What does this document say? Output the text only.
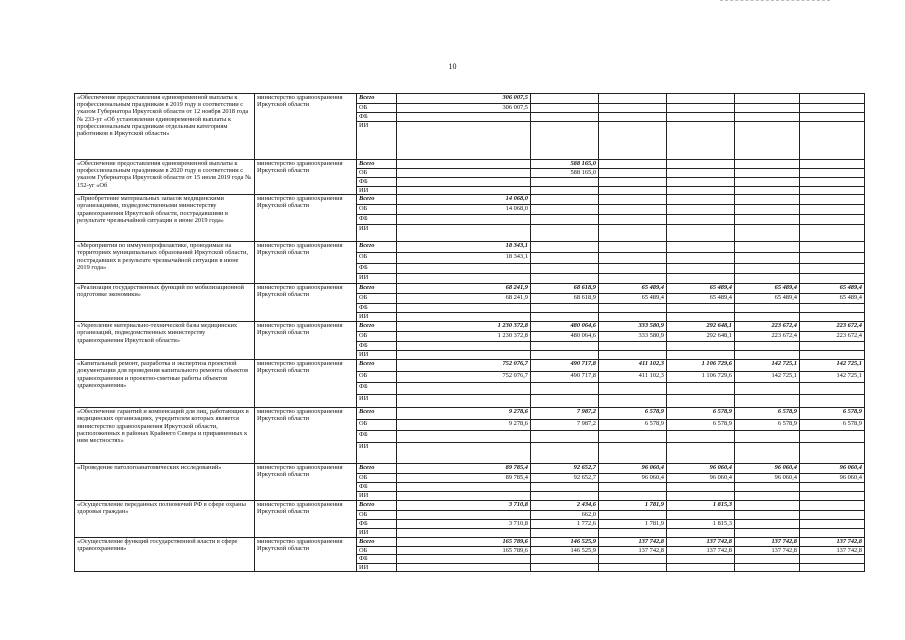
10
«Обеспечение предоставления единовременной выплаты к профессиональным праздникам в 2019 году в соответствии с указом Губернатора Иркутской области от 12 ноября 2018 года № 233-уг «Об установлении единовременной выплаты к профессиональным праздникам отдельным категориям работников в Иркутской области»	министерство здравоохранения Иркутской области	Всего	306 007,5					
		ОБ	306 007,5					
		ФБ						
		ИИ						
«Обеспечение предоставления единовременной выплаты к профессиональным праздникам в 2020 году в соответствии с указом Губернатора Иркутской области от 15 июля 2019 года № 152-уг «Об	министерство здравоохранения Иркутской области	Всего		588 165,0				
		ОБ		588 165,0				
		ФБ						
		ИИ						
«Приобретение материальных запасов медицинскими организациями, подведомственными министерству здравоохранения Иркутской области, пострадавшими в результате чрезвычайной ситуации в июне 2019 года»	министерство здравоохранения Иркутской области	Всего	14 068,0					
		ОБ	14 068,0					
		ФБ						
		ИИ						
«Мероприятия по иммунопрофилактике, проводимые на территориях муниципальных образований Иркутской области, пострадавших в результате чрезвычайной ситуации в июне 2019 года»	министерство здравоохранения Иркутской области	Всего	18 343,1					
		ОБ	18 343,1					
		ФБ						
		ИИ						
«Реализация государственных функций по мобилизационной подготовке экономики»	министерство здравоохранения Иркутской области	Всего	68 241,9	68 618,9	65 489,4	65 489,4	65 489,4	65 489,4
		ОБ	68 241,9	68 618,9	65 489,4	65 489,4	65 489,4	65 489,4
		ФБ						
		ИИ						
«Укрепление материально-технической базы медицинских организаций, подведомственных министерству здравоохранения Иркутской области»	министерство здравоохранения Иркутской области	Всего	1 230 372,8	480 064,6	333 580,9	292 648,1	223 672,4	223 672,4
		ОБ	1 230 372,8	480 064,6	333 580,9	292 648,1	223 672,4	223 672,4
		ФБ						
		ИИ						
«Капитальный ремонт, разработка и экспертиза проектной документации для проведения капитального ремонта объектов здравоохранения и проектно-сметные работы объектов здравоохранения»	министерство здравоохранения Иркутской области	Всего	752 076,7	490 717,8	411 102,3	1 106 729,6	142 725,1	142 725,1
		ОБ	752 076,7	490 717,8	411 102,3	1 106 729,6	142 725,1	142 725,1
		ФБ						
		ИИ						
«Обеспечение гарантий и компенсаций для лиц, работающих в медицинских организациях, учредителем которых является министерство здравоохранения Иркутской области, расположенных в районах Крайнего Севера и приравненных к ним местностях»	министерство здравоохранения Иркутской области	Всего	9 278,6	7 987,2	6 578,9	6 578,9	6 578,9	6 578,9
		ОБ	9 278,6	7 987,2	6 578,9	6 578,9	6 578,9	6 578,9
		ФБ						
		ИИ						
«Проведение патологоанатомических исследований»	министерство здравоохранения Иркутской области	Всего	89 785,4	92 652,7	96 060,4	96 060,4	96 060,4	96 060,4
		ОБ	89 785,4	92 652,7	96 060,4	96 060,4	96 060,4	96 060,4
		ФБ						
		ИИ						
«Осуществление переданных полномочий РФ в сфере охраны здоровья граждан»	министерство здравоохранения Иркутской области	Всего	3 710,8	2 434,6	1 781,9	1 815,3		
		ОБ		662,0				
		ФБ	3 710,8	1 772,6	1 781,9	1 815,3		
		ИИ						
«Осуществление функций государственной власти в сфере здравоохранения»	министерство здравоохранения Иркутской области	Всего	165 789,6	146 525,9	137 742,8	137 742,8	137 742,8	137 742,8
		ОБ	165 789,6	146 525,9	137 742,8	137 742,8	137 742,8	137 742,8
		ФБ						
		ИИ						
